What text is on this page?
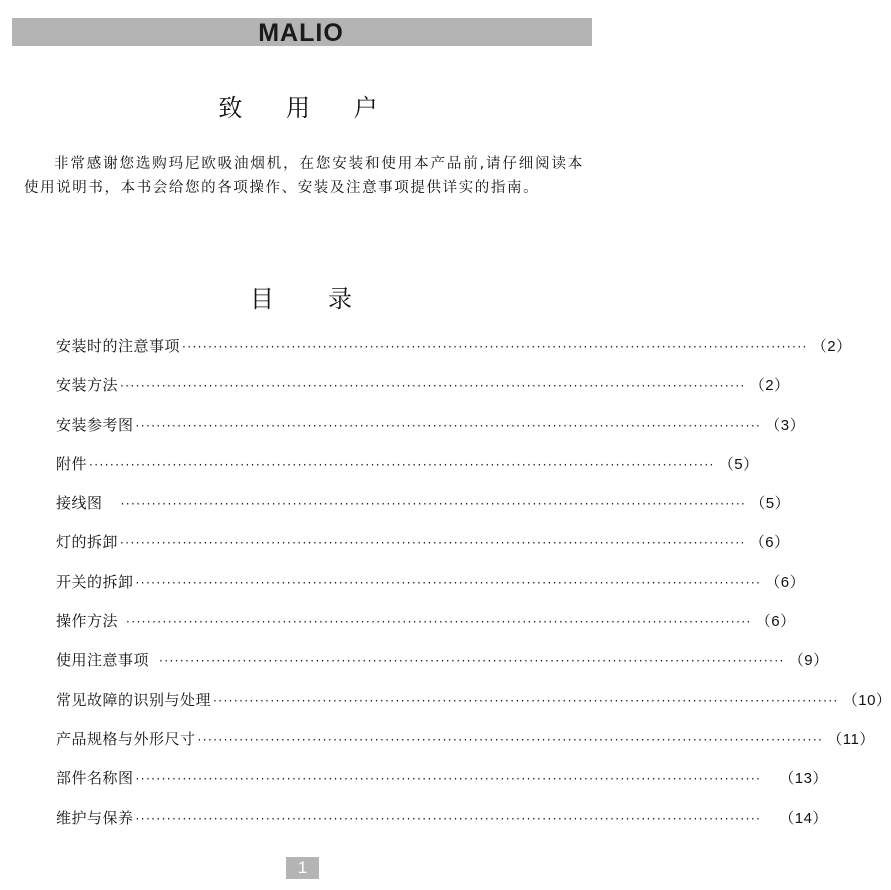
MALIO
致 用 户
非常感谢您选购玛尼欧吸油烟机，在您安装和使用本产品前,请仔细阅读本使用说明书，本书会给您的各项操作、安装及注意事项提供详实的指南。
目 录
安装时的注意事项 ························································································································ （2）
安装方法 ························································································································ （2）
安装参考图 ························································································································ （3）
附件 ························································································································ （5）
接线图 ························································································································ （5）
灯的拆卸 ························································································································ （6）
开关的拆卸 ························································································································ （6）
操作方法 ························································································································ （6）
使用注意事项 ························································································································ （9）
常见故障的识别与处理 ························································································································ （10）
产品规格与外形尺寸 ························································································································ （11）
部件名称图 ························································································································ （13）
维护与保养 ························································································································ （14）
1
